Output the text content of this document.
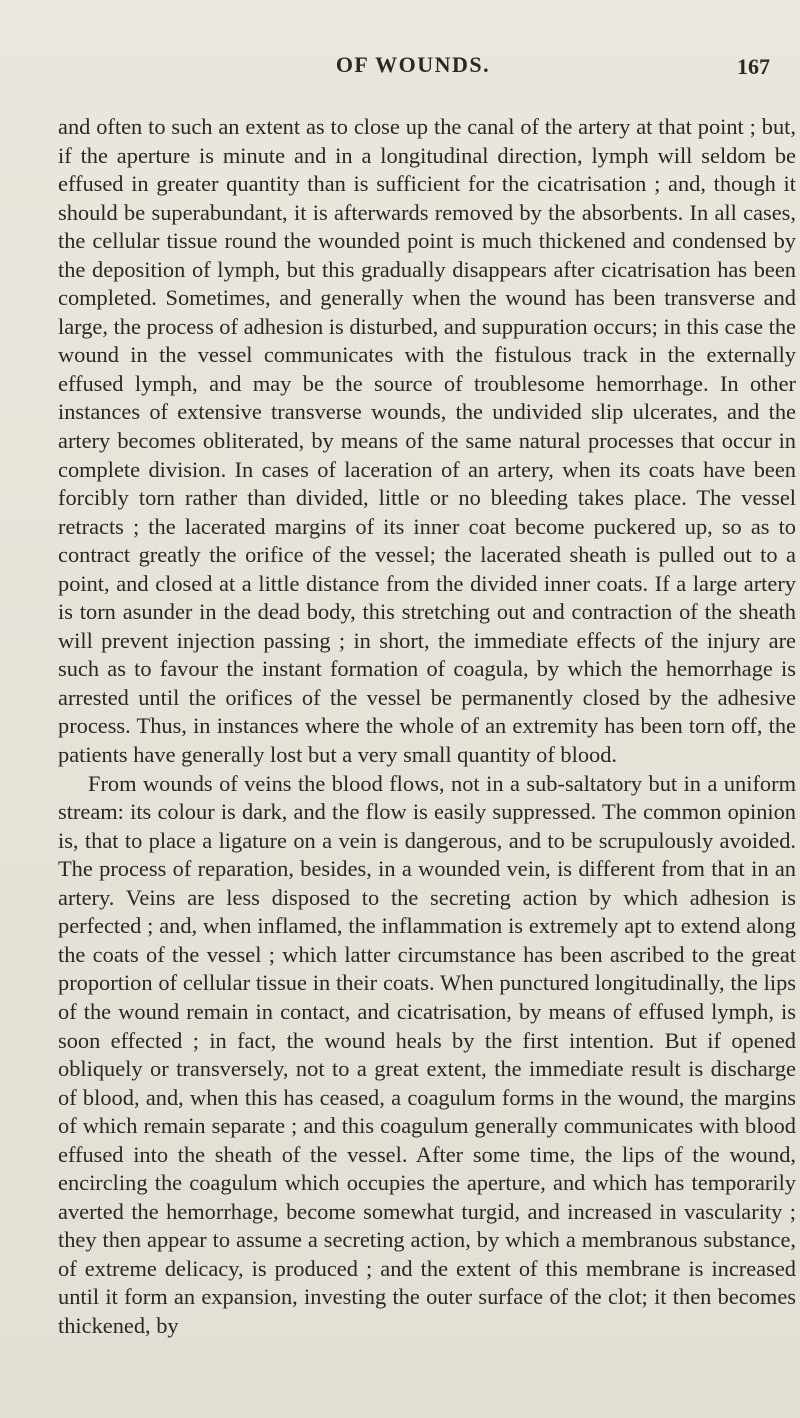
OF WOUNDS.	167

and often to such an extent as to close up the canal of the artery at that point ; but, if the aperture is minute and in a longitudinal direction, lymph will seldom be effused in greater quantity than is sufficient for the cicatrisation ; and, though it should be superabundant, it is afterwards removed by the absorbents. In all cases, the cellular tissue round the wounded point is much thickened and condensed by the deposition of lymph, but this gradually disappears after cicatrisation has been completed. Sometimes, and generally when the wound has been transverse and large, the process of adhesion is disturbed, and suppuration occurs; in this case the wound in the vessel communicates with the fistulous track in the externally effused lymph, and may be the source of troublesome hemorrhage. In other instances of extensive transverse wounds, the undivided slip ulcerates, and the artery becomes obliterated, by means of the same natural processes that occur in complete division. In cases of laceration of an artery, when its coats have been forcibly torn rather than divided, little or no bleeding takes place. The vessel retracts ; the lacerated margins of its inner coat become puckered up, so as to contract greatly the orifice of the vessel; the lacerated sheath is pulled out to a point, and closed at a little distance from the divided inner coats. If a large artery is torn asunder in the dead body, this stretching out and contraction of the sheath will prevent injection passing ; in short, the immediate effects of the injury are such as to favour the instant formation of coagula, by which the hemorrhage is arrested until the orifices of the vessel be permanently closed by the adhesive process. Thus, in instances where the whole of an extremity has been torn off, the patients have generally lost but a very small quantity of blood.

From wounds of veins the blood flows, not in a sub-saltatory but in a uniform stream: its colour is dark, and the flow is easily suppressed. The common opinion is, that to place a ligature on a vein is dangerous, and to be scrupulously avoided. The process of reparation, besides, in a wounded vein, is different from that in an artery. Veins are less disposed to the secreting action by which adhesion is perfected ; and, when inflamed, the inflammation is extremely apt to extend along the coats of the vessel ; which latter circumstance has been ascribed to the great proportion of cellular tissue in their coats. When punctured longitudinally, the lips of the wound remain in contact, and cicatrisation, by means of effused lymph, is soon effected ; in fact, the wound heals by the first intention. But if opened obliquely or transversely, not to a great extent, the immediate result is discharge of blood, and, when this has ceased, a coagulum forms in the wound, the margins of which remain separate ; and this coagulum generally communicates with blood effused into the sheath of the vessel. After some time, the lips of the wound, encircling the coagulum which occupies the aperture, and which has temporarily averted the hemorrhage, become somewhat turgid, and increased in vascularity ; they then appear to assume a secreting action, by which a membranous substance, of extreme delicacy, is produced ; and the extent of this membrane is increased until it form an expansion, investing the outer surface of the clot; it then becomes thickened, by
